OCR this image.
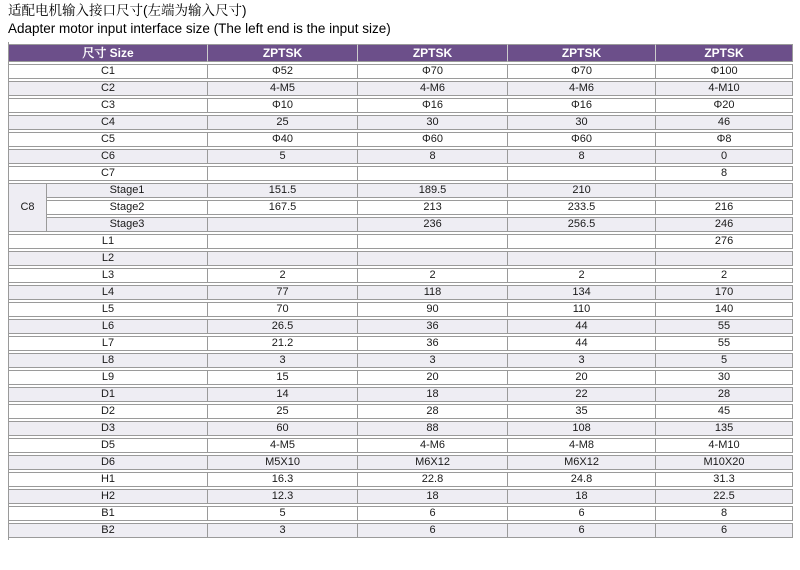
适配电机输入接口尺寸(左端为输入尺寸)
Adapter motor input interface size (The left end is the input size)
尺寸 Size		ZPTSK	ZPTSK	ZPTSK	ZPTSK
C1		Φ52	Φ70	Φ70	Φ100
C2		4-M5	4-M6	4-M6	4-M10
C3		Φ10	Φ16	Φ16	Φ20
C4		25	30	30	46
C5		Φ40	Φ60	Φ60	Φ8
C6		5	8	8	0
C7					8
C8	Stage1	151.5	189.5	210	
	Stage2	167.5	213	233.5	216
	Stage3		236	256.5	246
L1					276
L2					
L3		2	2	2	2
L4		77	118	134	170
L5		70	90	110	140
L6		26.5	36	44	55
L7		21.2	36	44	55
L8		3	3	3	5
L9		15	20	20	30
D1		14	18	22	28
D2		25	28	35	45
D3		60	88	108	135
D5		4-M5	4-M6	4-M8	4-M10
D6		M5X10	M6X12	M6X12	M10X20
H1		16.3	22.8	24.8	31.3
H2		12.3	18	18	22.5
B1		5	6	6	8
B2		3	6	6	6
